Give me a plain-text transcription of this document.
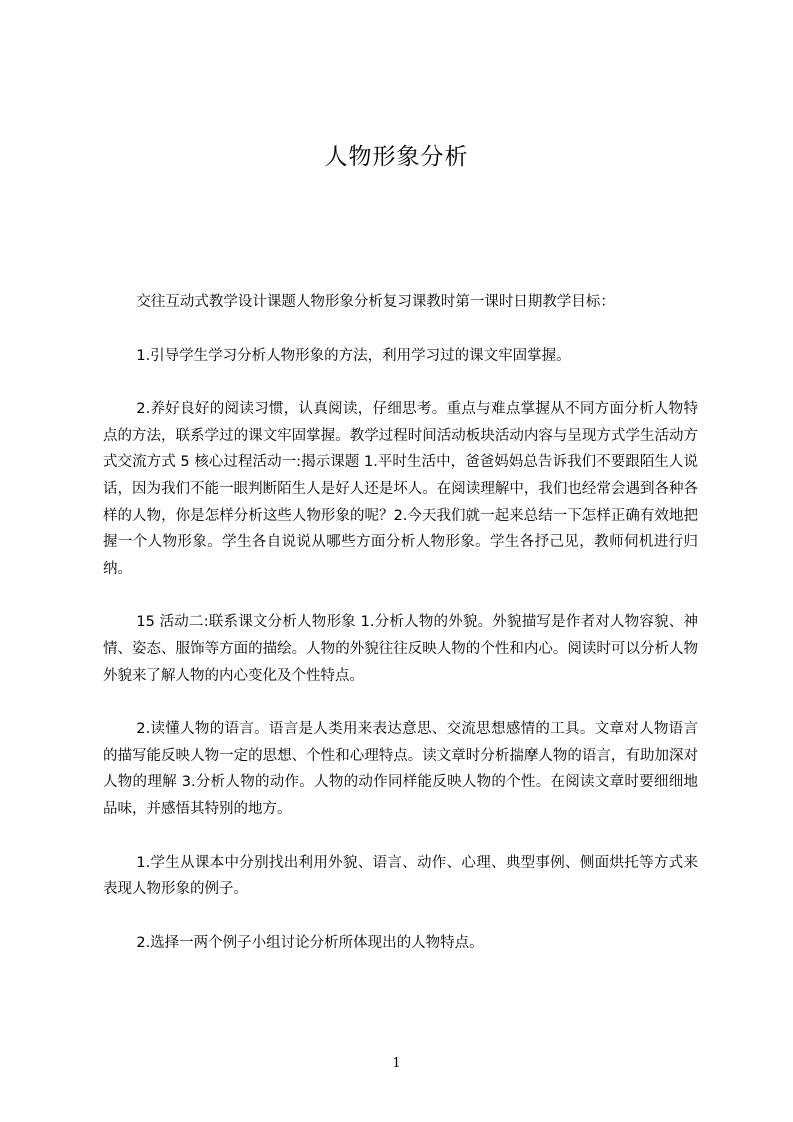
人物形象分析

交往互动式教学设计课题人物形象分析复习课教时第一课时日期教学目标：

1.引导学生学习分析人物形象的方法，利用学习过的课文牢固掌握。

2.养好良好的阅读习惯，认真阅读，仔细思考。重点与难点掌握从不同方面分析人物特点的方法，联系学过的课文牢固掌握。教学过程时间活动板块活动内容与呈现方式学生活动方式交流方式 5 核心过程活动一:揭示课题 1.平时生活中，爸爸妈妈总告诉我们不要跟陌生人说话，因为我们不能一眼判断陌生人是好人还是坏人。在阅读理解中，我们也经常会遇到各种各样的人物，你是怎样分析这些人物形象的呢？2.今天我们就一起来总结一下怎样正确有效地把握一个人物形象。学生各自说说从哪些方面分析人物形象。学生各抒己见，教师伺机进行归纳。

15 活动二:联系课文分析人物形象 1.分析人物的外貌。外貌描写是作者对人物容貌、神情、姿态、服饰等方面的描绘。人物的外貌往往反映人物的个性和内心。阅读时可以分析人物外貌来了解人物的内心变化及个性特点。

2.读懂人物的语言。语言是人类用来表达意思、交流思想感情的工具。文章对人物语言的描写能反映人物一定的思想、个性和心理特点。读文章时分析揣摩人物的语言，有助加深对人物的理解 3.分析人物的动作。人物的动作同样能反映人物的个性。在阅读文章时要细细地品味，并感悟其特别的地方。

1.学生从课本中分别找出利用外貌、语言、动作、心理、典型事例、侧面烘托等方式来表现人物形象的例子。

2.选择一两个例子小组讨论分析所体现出的人物特点。

1
